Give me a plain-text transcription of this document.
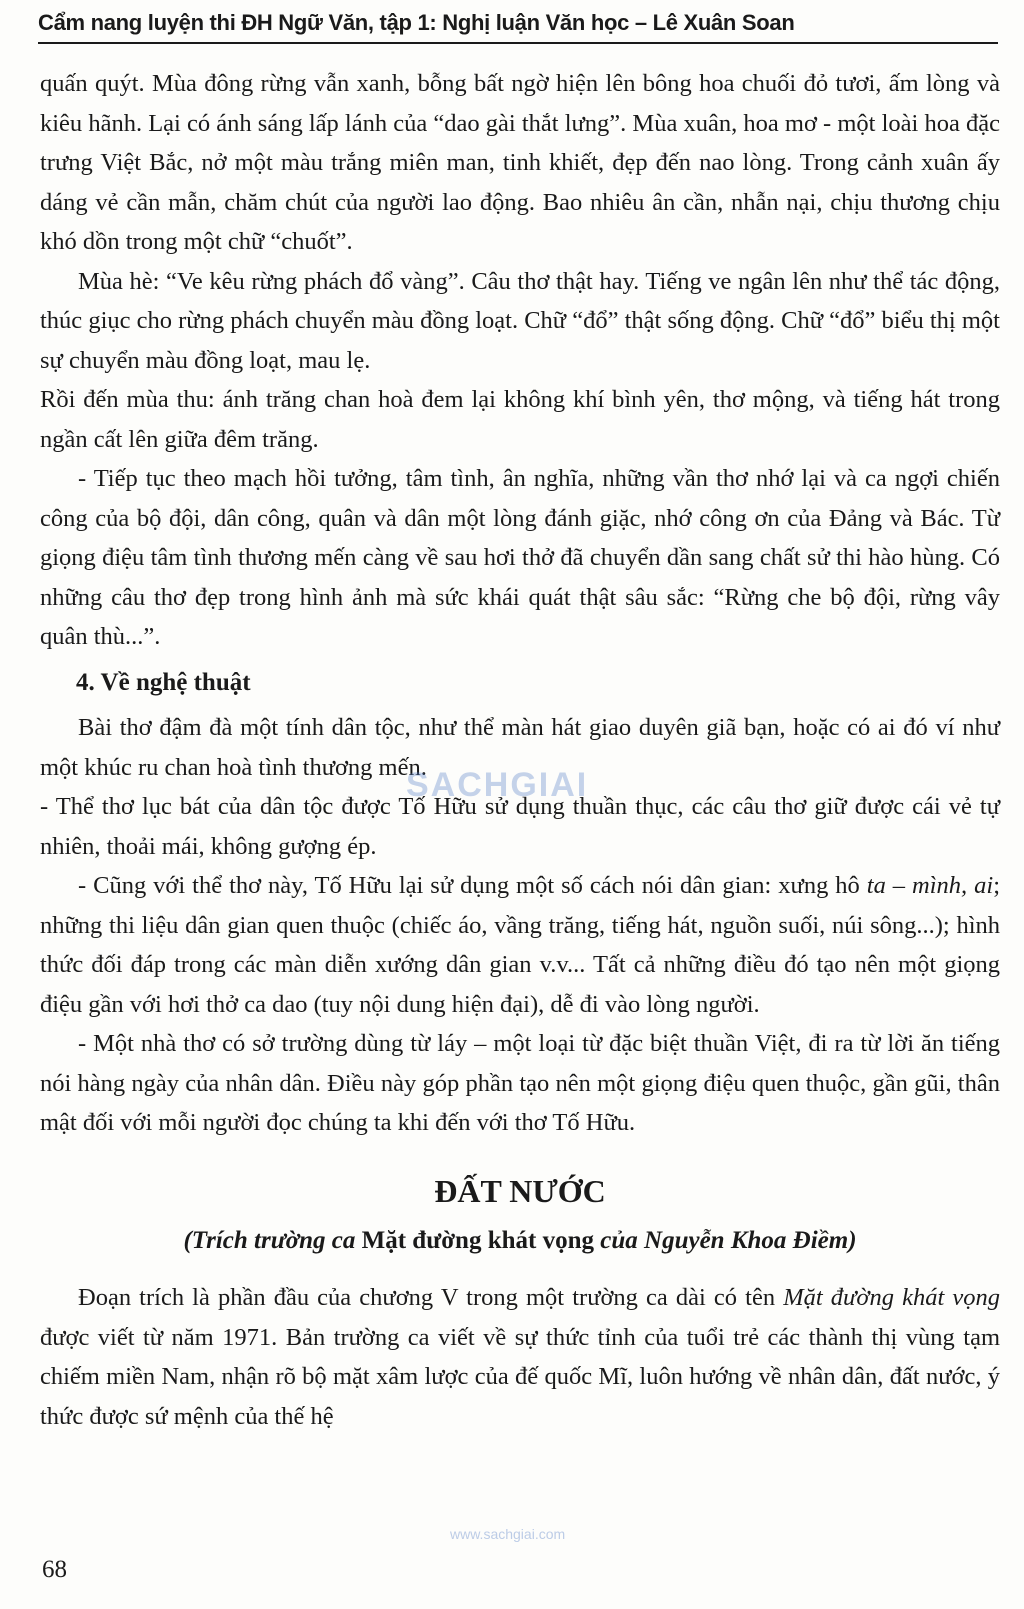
Cẩm nang luyện thi ĐH Ngữ Văn, tập 1: Nghị luận Văn học – Lê Xuân Soan

quấn quýt. Mùa đông rừng vẫn xanh, bỗng bất ngờ hiện lên bông hoa chuối đỏ tươi, ấm lòng và kiêu hãnh. Lại có ánh sáng lấp lánh của “dao gài thắt lưng”. Mùa xuân, hoa mơ - một loài hoa đặc trưng Việt Bắc, nở một màu trắng miên man, tinh khiết, đẹp đến nao lòng. Trong cảnh xuân ấy dáng vẻ cần mẫn, chăm chút của người lao động. Bao nhiêu ân cần, nhẫn nại, chịu thương chịu khó dồn trong một chữ “chuốt”.

Mùa hè: “Ve kêu rừng phách đổ vàng”. Câu thơ thật hay. Tiếng ve ngân lên như thể tác động, thúc giục cho rừng phách chuyển màu đồng loạt. Chữ “đổ” thật sống động. Chữ “đổ” biểu thị một sự chuyển màu đồng loạt, mau lẹ.

Rồi đến mùa thu: ánh trăng chan hoà đem lại không khí bình yên, thơ mộng, và tiếng hát trong ngần cất lên giữa đêm trăng.

- Tiếp tục theo mạch hồi tưởng, tâm tình, ân nghĩa, những vần thơ nhớ lại và ca ngợi chiến công của bộ đội, dân công, quân và dân một lòng đánh giặc, nhớ công ơn của Đảng và Bác. Từ giọng điệu tâm tình thương mến càng về sau hơi thở đã chuyển dần sang chất sử thi hào hùng. Có những câu thơ đẹp trong hình ảnh mà sức khái quát thật sâu sắc: “Rừng che bộ đội, rừng vây quân thù...”.

4. Về nghệ thuật

Bài thơ đậm đà một tính dân tộc, như thể màn hát giao duyên giã bạn, hoặc có ai đó ví như một khúc ru chan hoà tình thương mến.

- Thể thơ lục bát của dân tộc được Tố Hữu sử dụng thuần thục, các câu thơ giữ được cái vẻ tự nhiên, thoải mái, không gượng ép.

- Cũng với thể thơ này, Tố Hữu lại sử dụng một số cách nói dân gian: xưng hô ta – mình, ai; những thi liệu dân gian quen thuộc (chiếc áo, vầng trăng, tiếng hát, nguồn suối, núi sông...); hình thức đối đáp trong các màn diễn xướng dân gian v.v... Tất cả những điều đó tạo nên một giọng điệu gần với hơi thở ca dao (tuy nội dung hiện đại), dễ đi vào lòng người.

- Một nhà thơ có sở trường dùng từ láy – một loại từ đặc biệt thuần Việt, đi ra từ lời ăn tiếng nói hàng ngày của nhân dân. Điều này góp phần tạo nên một giọng điệu quen thuộc, gần gũi, thân mật đối với mỗi người đọc chúng ta khi đến với thơ Tố Hữu.

ĐẤT NƯỚC

(Trích trường ca Mặt đường khát vọng của Nguyễn Khoa Điềm)

Đoạn trích là phần đầu của chương V trong một trường ca dài có tên Mặt đường khát vọng được viết từ năm 1971. Bản trường ca viết về sự thức tỉnh của tuổi trẻ các thành thị vùng tạm chiếm miền Nam, nhận rõ bộ mặt xâm lược của đế quốc Mĩ, luôn hướng về nhân dân, đất nước, ý thức được sứ mệnh của thế hệ

SACHGIAI
www.sachgiai.com
68
